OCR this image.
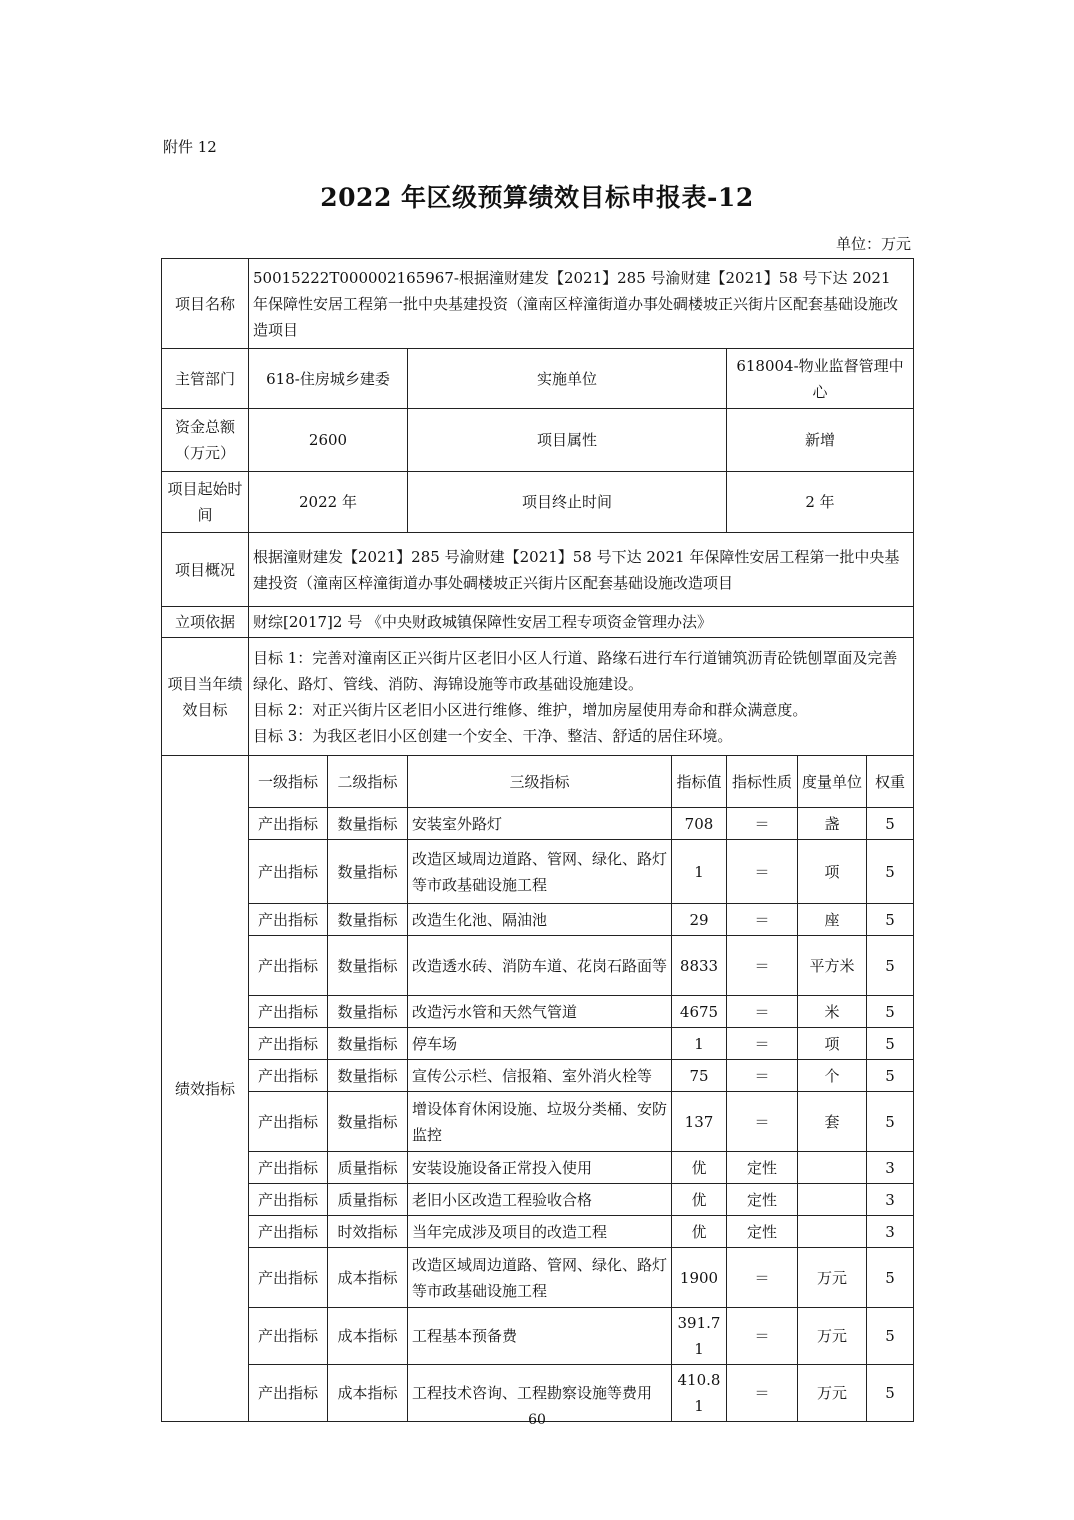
附件 12
2022 年区级预算绩效目标申报表-12
单位：万元
项目名称	50015222T000002165967-根据潼财建发【2021】285 号渝财建【2021】58 号下达 2021 年保障性安居工程第一批中央基建投资（潼南区梓潼街道办事处碉楼坡正兴街片区配套基础设施改造项目						
主管部门	618-住房城乡建委		实施单位		618004-物业监督管理中心		
资金总额（万元）	2600		项目属性		新增		
项目起始时间	2022 年		项目终止时间		2 年		
项目概况	根据潼财建发【2021】285 号渝财建【2021】58 号下达 2021 年保障性安居工程第一批中央基建投资（潼南区梓潼街道办事处碉楼坡正兴街片区配套基础设施改造项目						
立项依据	财综[2017]2 号 《中央财政城镇保障性安居工程专项资金管理办法》						
项目当年绩效目标	目标 1：完善对潼南区正兴街片区老旧小区人行道、路缘石进行车行道铺筑沥青砼铣刨罩面及完善绿化、路灯、管线、消防、海锦设施等市政基础设施建设。
目标 2：对正兴街片区老旧小区进行维修、维护，增加房屋使用寿命和群众满意度。
目标 3：为我区老旧小区创建一个安全、干净、整洁、舒适的居住环境。						

绩效指标	一级指标	二级指标	三级指标	指标值	指标性质	度量单位	权重
	产出指标	数量指标	安装室外路灯	708	＝	盏	5
	产出指标	数量指标	改造区域周边道路、管网、绿化、路灯等市政基础设施工程	1	＝	项	5
	产出指标	数量指标	改造生化池、隔油池	29	＝	座	5
	产出指标	数量指标	改造透水砖、消防车道、花岗石路面等	8833	＝	平方米	5
	产出指标	数量指标	改造污水管和天然气管道	4675	＝	米	5
	产出指标	数量指标	停车场	1	＝	项	5
	产出指标	数量指标	宣传公示栏、信报箱、室外消火栓等	75	＝	个	5
	产出指标	数量指标	增设体育休闲设施、垃圾分类桶、安防监控	137	＝	套	5
	产出指标	质量指标	安装设施设备正常投入使用	优	定性		3
	产出指标	质量指标	老旧小区改造工程验收合格	优	定性		3
	产出指标	时效指标	当年完成涉及项目的改造工程	优	定性		3
	产出指标	成本指标	改造区域周边道路、管网、绿化、路灯等市政基础设施工程	1900	＝	万元	5
	产出指标	成本指标	工程基本预备费	391.71	＝	万元	5
	产出指标	成本指标	工程技术咨询、工程勘察设施等费用	410.81	＝	万元	5
60
